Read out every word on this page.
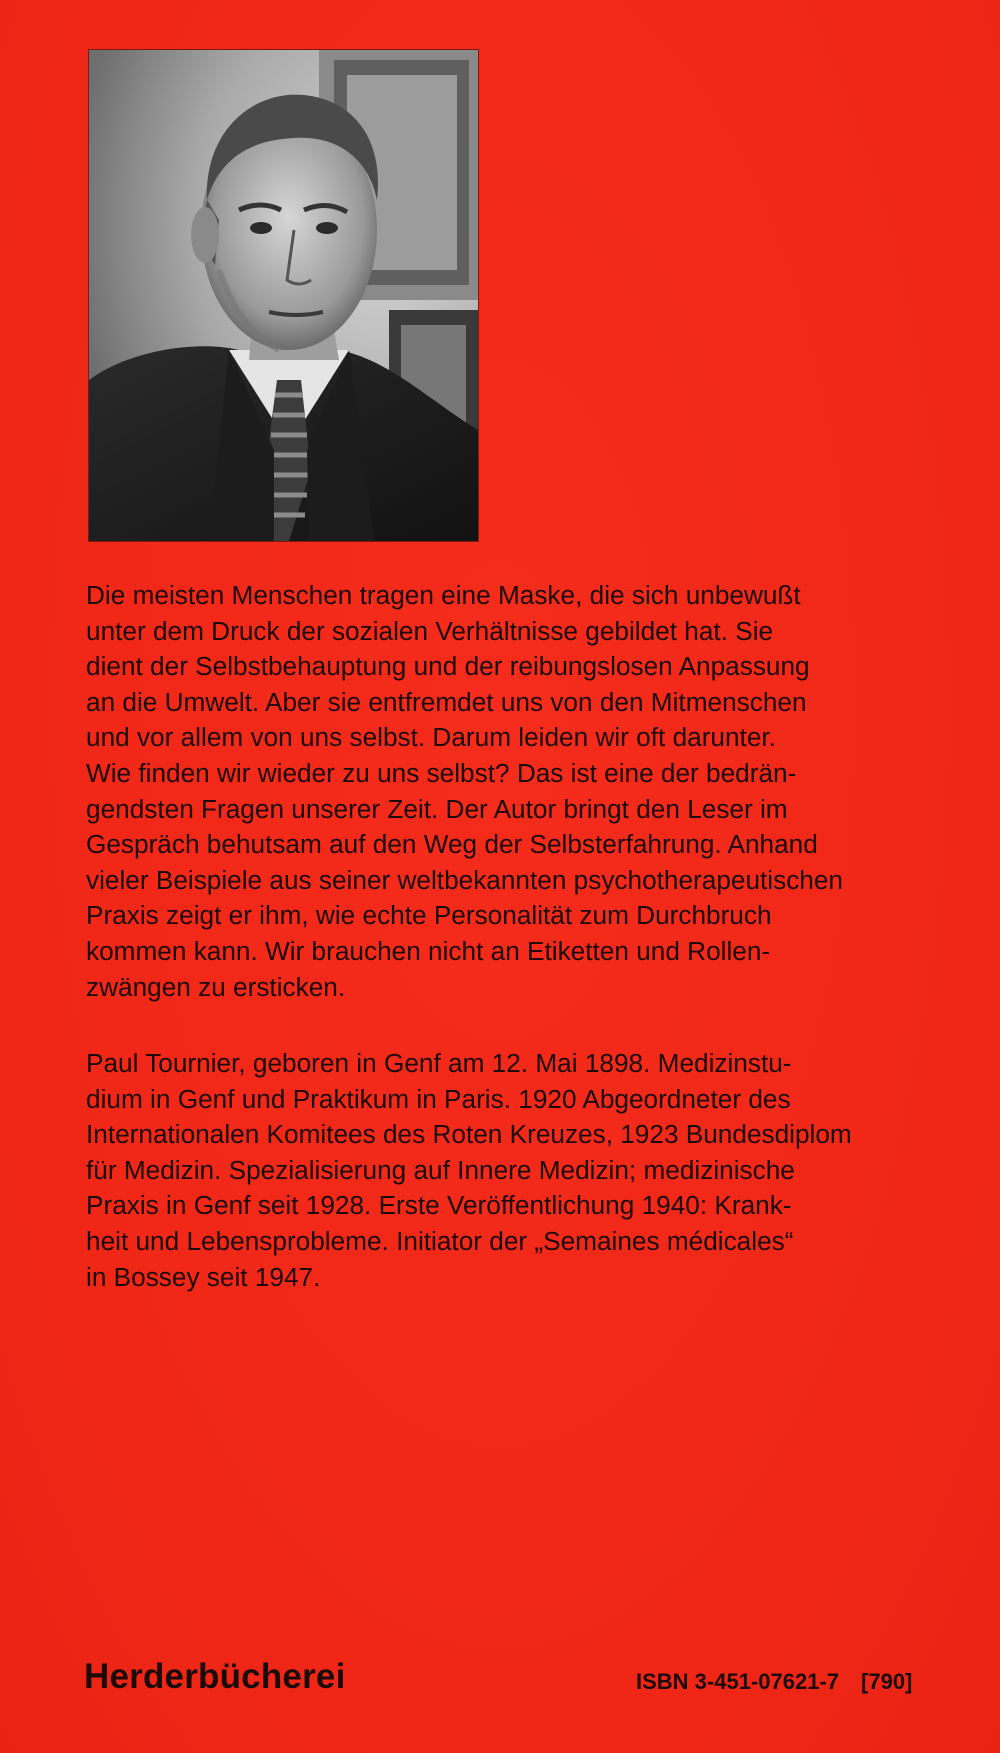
Die meisten Menschen tragen eine Maske, die sich unbewußt
unter dem Druck der sozialen Verhältnisse gebildet hat. Sie
dient der Selbstbehauptung und der reibungslosen Anpassung
an die Umwelt. Aber sie entfremdet uns von den Mitmenschen
und vor allem von uns selbst. Darum leiden wir oft darunter.
Wie finden wir wieder zu uns selbst? Das ist eine der bedrän-
gendsten Fragen unserer Zeit. Der Autor bringt den Leser im
Gespräch behutsam auf den Weg der Selbsterfahrung. Anhand
vieler Beispiele aus seiner weltbekannten psychotherapeutischen
Praxis zeigt er ihm, wie echte Personalität zum Durchbruch
kommen kann. Wir brauchen nicht an Etiketten und Rollen-
zwängen zu ersticken.

Paul Tournier, geboren in Genf am 12. Mai 1898. Medizinstu-
dium in Genf und Praktikum in Paris. 1920 Abgeordneter des
Internationalen Komitees des Roten Kreuzes, 1923 Bundesdiplom
für Medizin. Spezialisierung auf Innere Medizin; medizinische
Praxis in Genf seit 1928. Erste Veröffentlichung 1940: Krank-
heit und Lebensprobleme. Initiator der „Semaines médicales“
in Bossey seit 1947.

Herderbücherei	ISBN 3-451-07621-7 [790]
